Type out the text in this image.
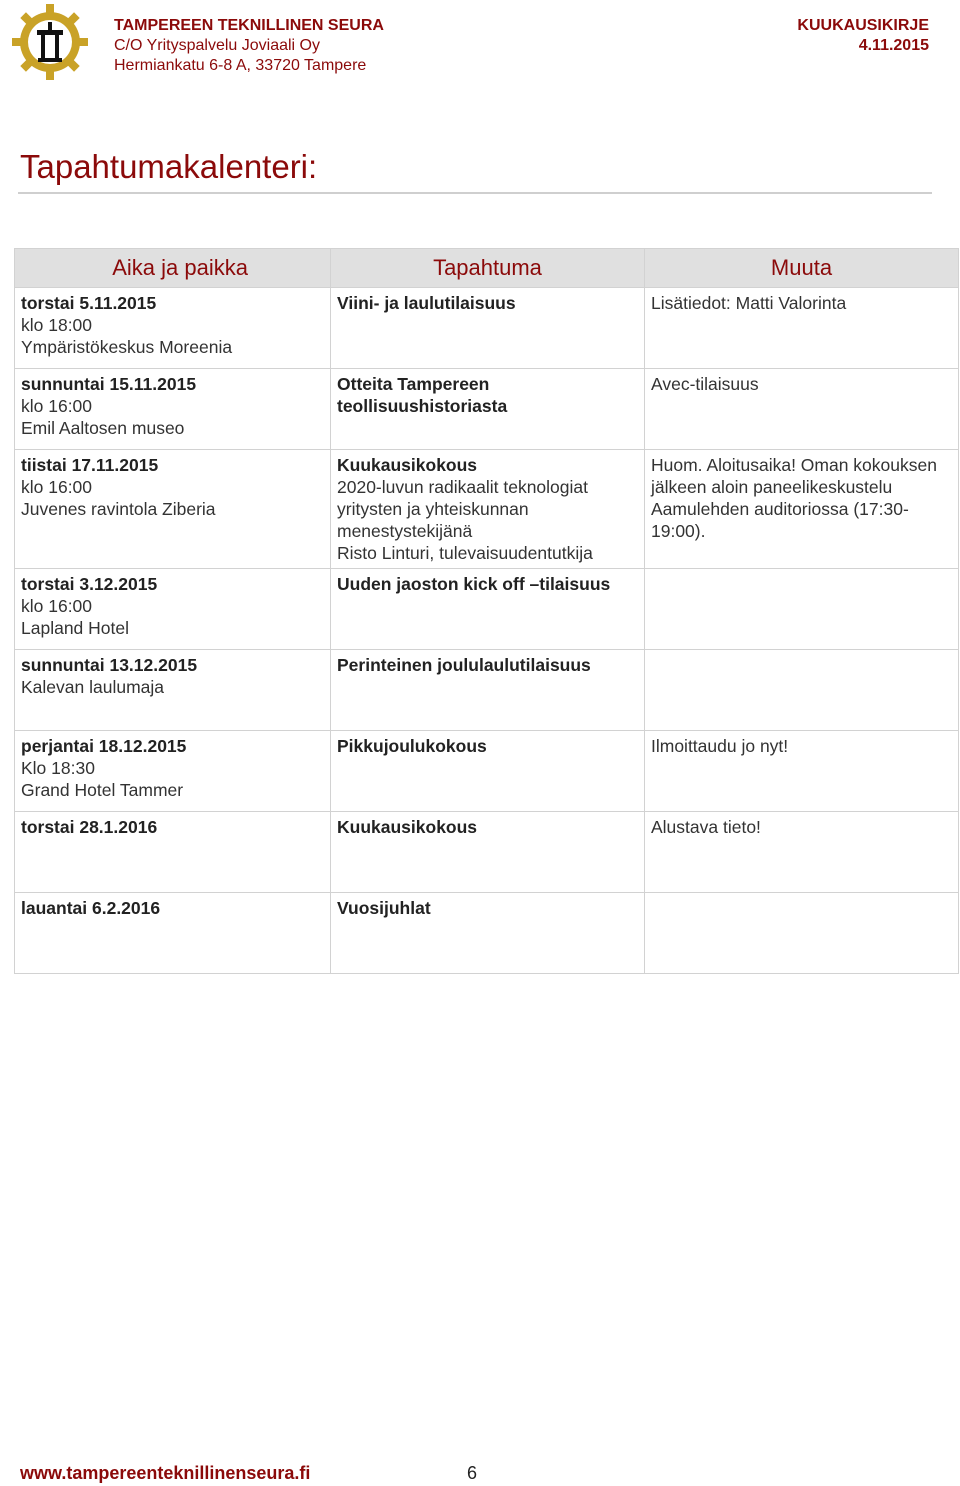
TAMPEREEN TEKNILLINEN SEURA
C/O Yrityspalvelu Joviaali Oy
Hermiankatu 6-8 A, 33720 Tampere
KUUKAUSIKIRJE
4.11.2015
Tapahtumakalenteri:
Aika ja paikka	Tapahtuma	Muuta

torstai 5.11.2015
klo 18:00
Ympäristökeskus Moreenia	Viini- ja laulutilaisuus	Lisätiedot: Matti Valorinta

sunnuntai 15.11.2015
klo 16:00
Emil Aaltosen museo	Otteita Tampereen teollisuushistoriasta	Avec-tilaisuus

tiistai 17.11.2015
klo 16:00
Juvenes ravintola Ziberia	Kuukausikokous
2020-luvun radikaalit teknologiat yritysten ja yhteiskunnan menestystekijänä
Risto Linturi, tulevaisuudentutkija	Huom. Aloitusaika! Oman kokouksen jälkeen aloin paneelikeskustelu Aamulehden auditoriossa (17:30-19:00).

torstai 3.12.2015
klo 16:00
Lapland Hotel	Uuden jaoston kick off –tilaisuus	

sunnuntai 13.12.2015
Kalevan laulumaja	Perinteinen joululaulutilaisuus	

perjantai 18.12.2015
Klo 18:30
Grand Hotel Tammer	Pikkujoulukokous	Ilmoittaudu jo nyt!

torstai 28.1.2016	Kuukausikokous	Alustava tieto!

lauantai 6.2.2016	Vuosijuhlat	

www.tampereenteknillinenseura.fi	6
